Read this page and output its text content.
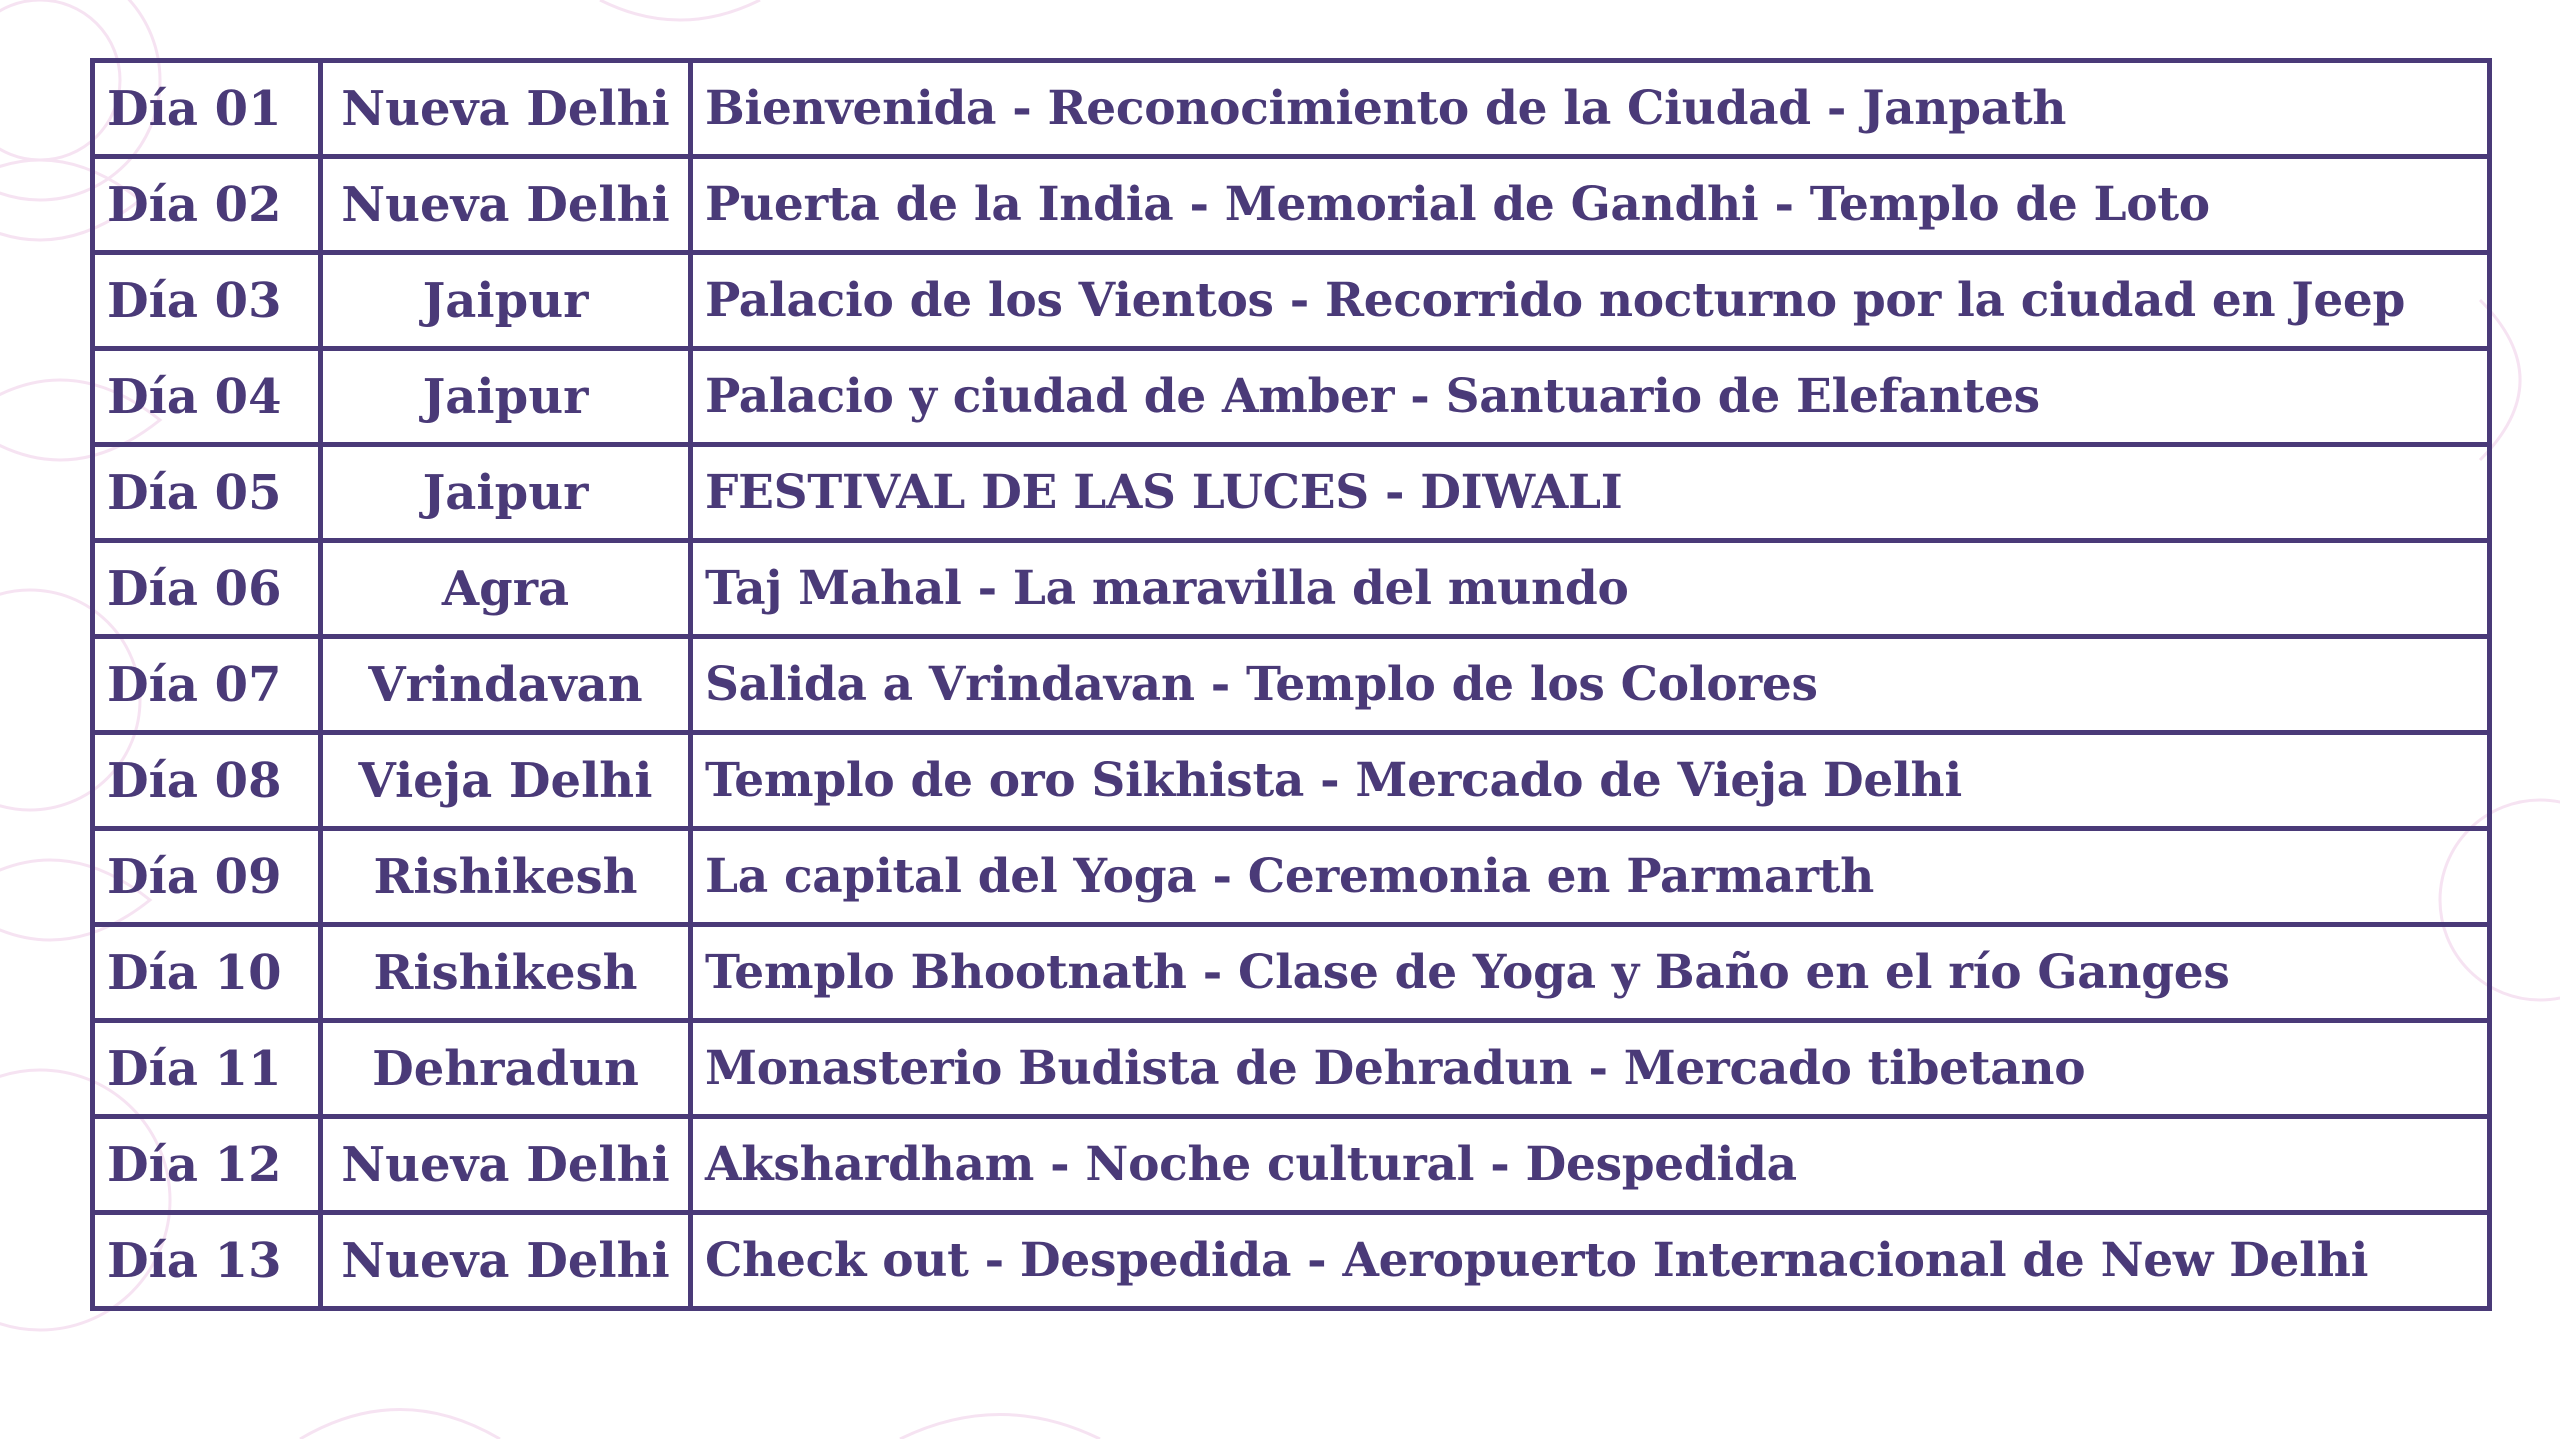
Día 01	Nueva Delhi	Bienvenida - Reconocimiento de la Ciudad - Janpath
Día 02	Nueva Delhi	Puerta de la India - Memorial de Gandhi - Templo de Loto
Día 03	Jaipur	Palacio de los Vientos - Recorrido nocturno por la ciudad en Jeep
Día 04	Jaipur	Palacio y ciudad de Amber - Santuario de Elefantes
Día 05	Jaipur	FESTIVAL DE LAS LUCES - DIWALI
Día 06	Agra	Taj Mahal - La maravilla del mundo
Día 07	Vrindavan	Salida a Vrindavan - Templo de los Colores
Día 08	Vieja Delhi	Templo de oro Sikhista - Mercado de Vieja Delhi
Día 09	Rishikesh	La capital del Yoga - Ceremonia en Parmarth
Día 10	Rishikesh	Templo Bhootnath - Clase de Yoga y Baño en el río Ganges
Día 11	Dehradun	Monasterio Budista de Dehradun - Mercado tibetano
Día 12	Nueva Delhi	Akshardham - Noche cultural - Despedida
Día 13	Nueva Delhi	Check out - Despedida - Aeropuerto Internacional de New Delhi
